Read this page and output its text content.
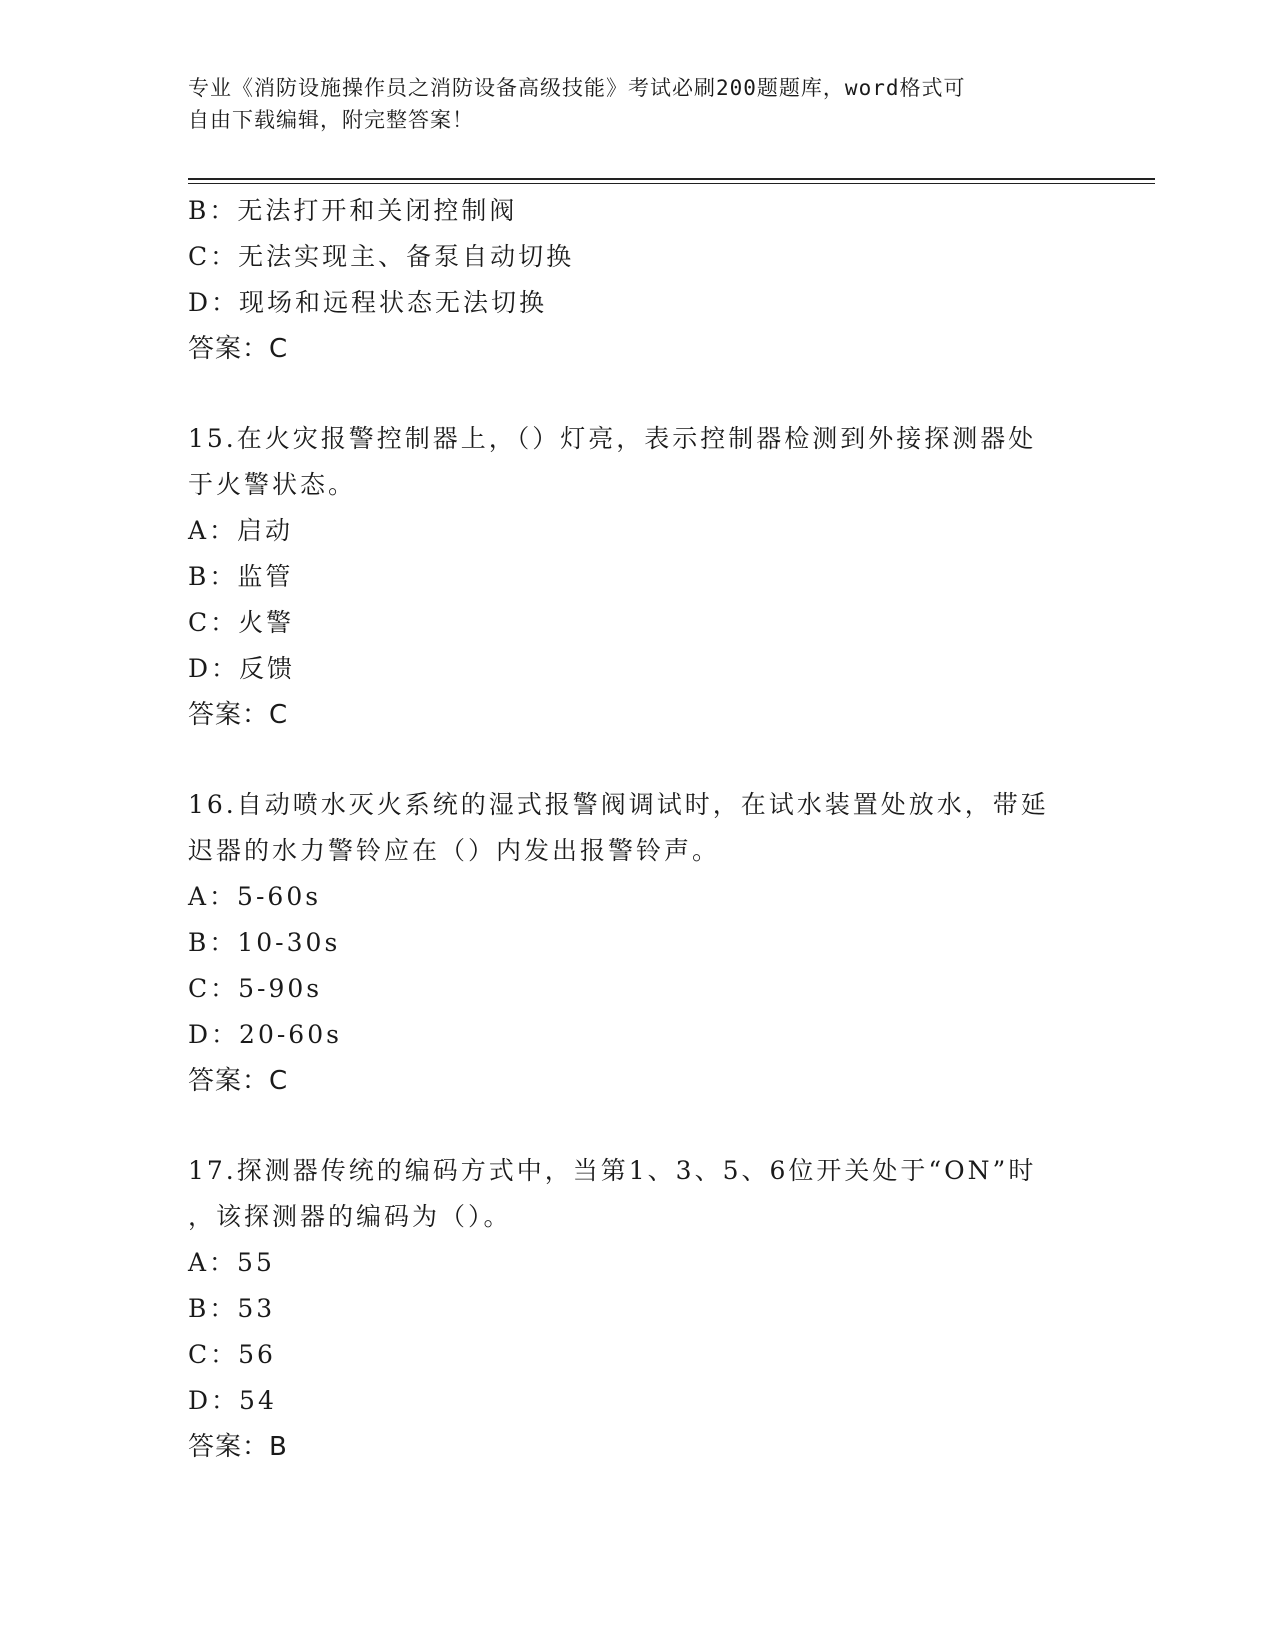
专业《消防设施操作员之消防设备高级技能》考试必刷200题题库，word格式可

自由下载编辑，附完整答案！

B：无法打开和关闭控制阀
C：无法实现主、备泵自动切换
D：现场和远程状态无法切换
答案：C
15.在火灾报警控制器上，（）灯亮，表示控制器检测到外接探测器处
于火警状态。
A：启动
B：监管
C：火警
D：反馈
答案：C
16.自动喷水灭火系统的湿式报警阀调试时，在试水装置处放水，带延
迟器的水力警铃应在（）内发出报警铃声。
A：5-60s
B：10-30s
C：5-90s
D：20-60s
答案：C
17.探测器传统的编码方式中，当第1、3、5、6位开关处于“ON”时
，该探测器的编码为（）。
A：55
B：53
C：56
D：54
答案：B
